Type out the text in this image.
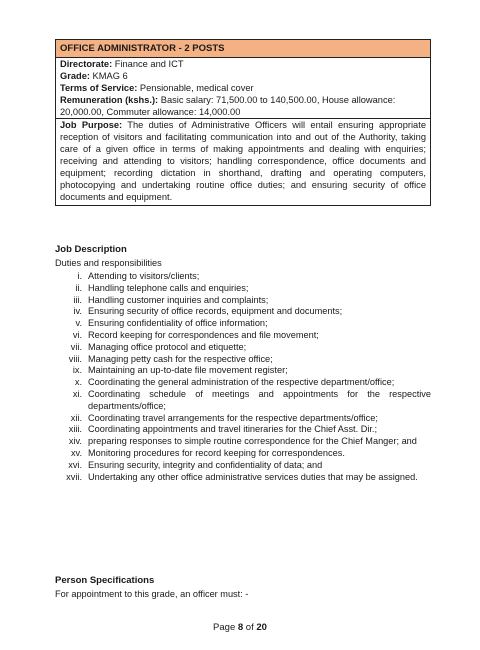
OFFICE ADMINISTRATOR - 2 POSTS
Directorate: Finance and ICT
Grade: KMAG 6
Terms of Service: Pensionable, medical cover
Remuneration (kshs.): Basic salary: 71,500.00 to 140,500.00, House allowance: 20,000.00, Commuter allowance: 14,000.00
Job Purpose: The duties of Administrative Officers will entail ensuring appropriate reception of visitors and facilitating communication into and out of the Authority, taking care of a given office in terms of making appointments and dealing with enquiries; receiving and attending to visitors; handling correspondence, office documents and equipment; recording dictation in shorthand, drafting and operating computers, photocopying and undertaking routine office duties; and ensuring security of office documents and equipment.
Job Description
Duties and responsibilities
i. Attending to visitors/clients;
ii. Handling telephone calls and enquiries;
iii. Handling customer inquiries and complaints;
iv. Ensuring security of office records, equipment and documents;
v. Ensuring confidentiality of office information;
vi. Record keeping for correspondences and file movement;
vii. Managing office protocol and etiquette;
viii. Managing petty cash for the respective office;
ix. Maintaining an up-to-date file movement register;
x. Coordinating the general administration of the respective department/office;
xi. Coordinating schedule of meetings and appointments for the respective departments/office;
xii. Coordinating travel arrangements for the respective departments/office;
xiii. Coordinating appointments and travel itineraries for the Chief Asst. Dir.;
xiv. preparing responses to simple routine correspondence for the Chief Manger; and
xv. Monitoring procedures for record keeping for correspondences.
xvi. Ensuring security, integrity and confidentiality of data; and
xvii. Undertaking any other office administrative services duties that may be assigned.
Person Specifications
For appointment to this grade, an officer must: -
Page 8 of 20
